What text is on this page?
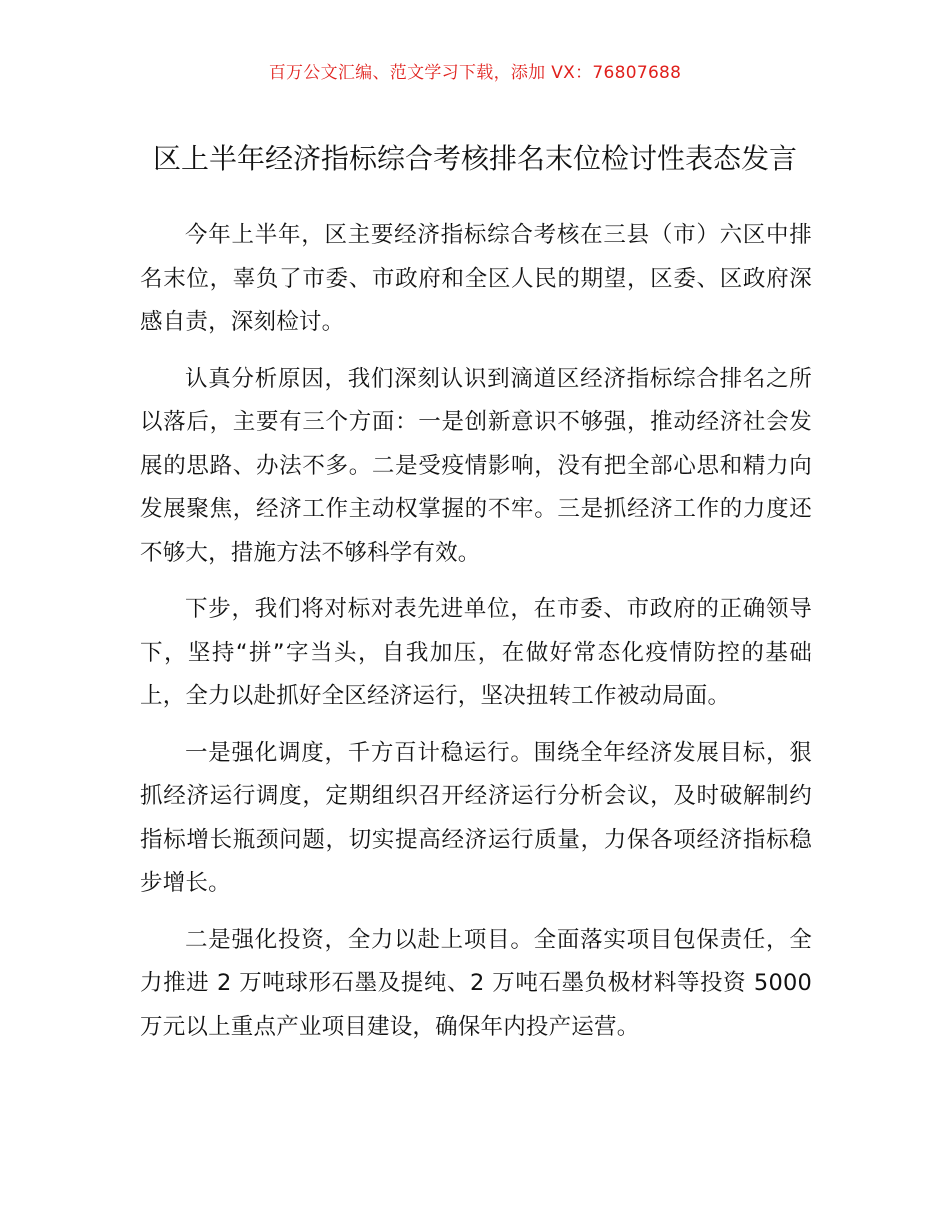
百万公文汇编、范文学习下载，添加 VX：76807688
区上半年经济指标综合考核排名末位检讨性表态发言

今年上半年，区主要经济指标综合考核在三县（市）六区中排名末位，辜负了市委、市政府和全区人民的期望，区委、区政府深感自责，深刻检讨。

认真分析原因，我们深刻认识到滴道区经济指标综合排名之所以落后，主要有三个方面：一是创新意识不够强，推动经济社会发展的思路、办法不多。二是受疫情影响，没有把全部心思和精力向发展聚焦，经济工作主动权掌握的不牢。三是抓经济工作的力度还不够大，措施方法不够科学有效。

下步，我们将对标对表先进单位，在市委、市政府的正确领导下，坚持“拼”字当头，自我加压，在做好常态化疫情防控的基础上，全力以赴抓好全区经济运行，坚决扭转工作被动局面。

一是强化调度，千方百计稳运行。围绕全年经济发展目标，狠抓经济运行调度，定期组织召开经济运行分析会议，及时破解制约指标增长瓶颈问题，切实提高经济运行质量，力保各项经济指标稳步增长。

二是强化投资，全力以赴上项目。全面落实项目包保责任，全力推进 2 万吨球形石墨及提纯、2 万吨石墨负极材料等投资 5000 万元以上重点产业项目建设，确保年内投产运营。
